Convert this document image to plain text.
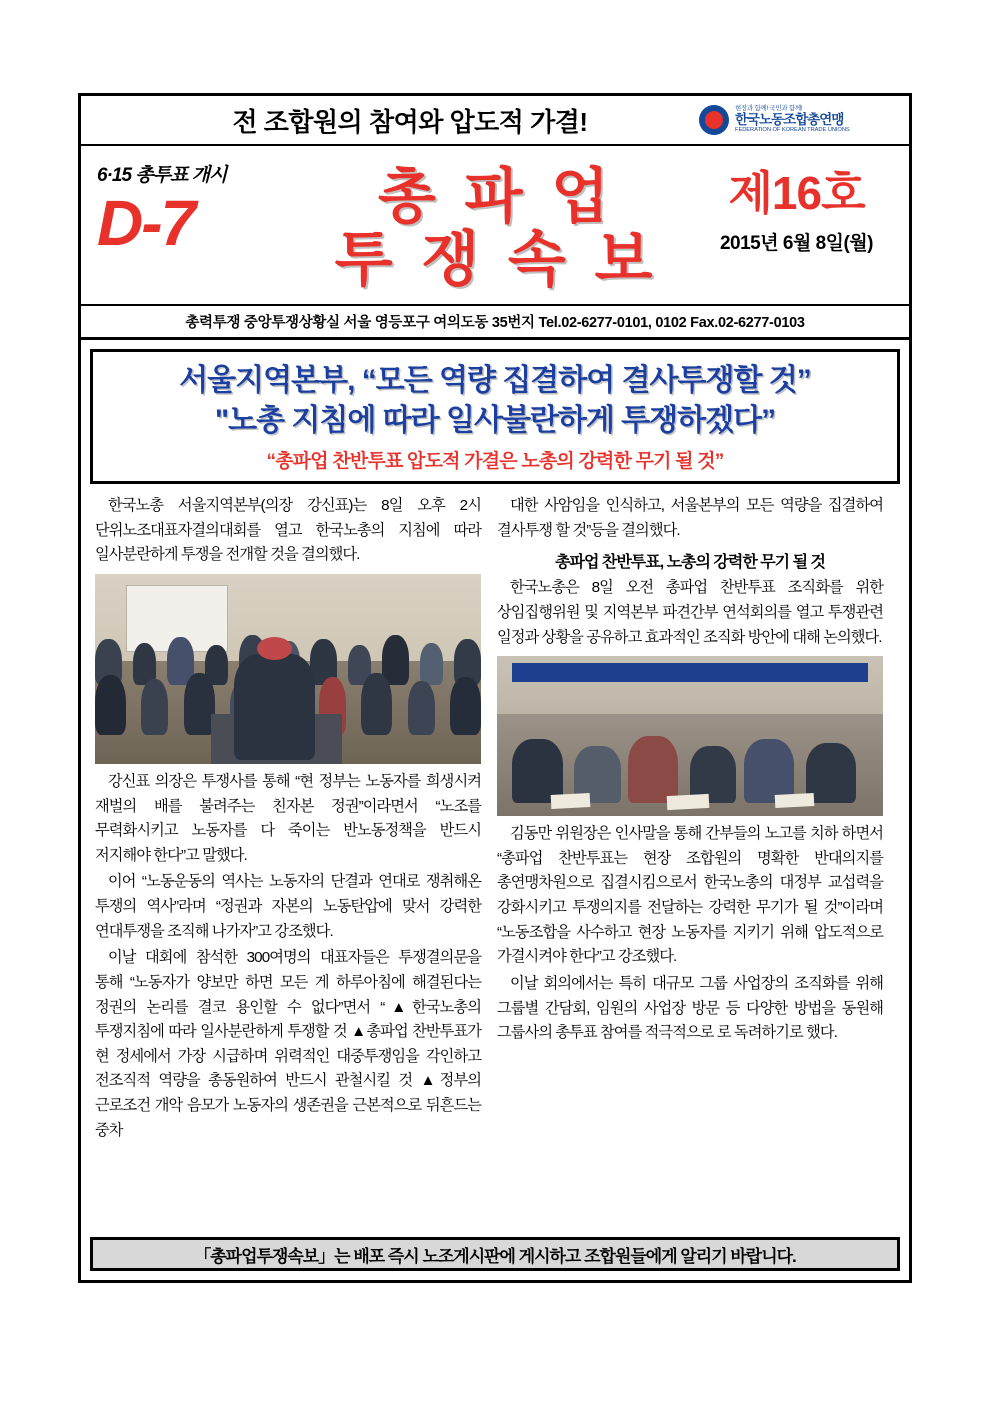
전 조합원의 참여와 압도적 가결!	현장과 함께! 국민과 함께!
한국노동조합총연맹
FEDERATION OF KOREAN TRADE UNIONS
6·15 총투표 개시
D-7	총 파 업
투 쟁 속 보
제16호
2015년 6월 8일(월)
총력투쟁 중앙투쟁상황실 서울 영등포구 여의도동 35번지 Tel.02-6277-0101, 0102 Fax.02-6277-0103
서울지역본부, “모든 역량 집결하여 결사투쟁할 것”
"노총 지침에 따라 일사불란하게 투쟁하겠다”
“총파업 찬반투표 압도적 가결은 노총의 강력한 무기 될 것”

한국노총 서울지역본부(의장 강신표)는 8일 오후 2시 단위노조대표자결의대회를 열고 한국노총의 지침에 따라 일사분란하게 투쟁을 전개할 것을 결의했다.

강신표 의장은 투쟁사를 통해 “현 정부는 노동자를 희생시켜 재벌의 배를 불려주는 친자본 정권”이라면서 “노조를 무력화시키고 노동자를 다 죽이는 반노동정책을 반드시 저지해야 한다”고 말했다.

이어 “노동운동의 역사는 노동자의 단결과 연대로 쟁취해온 투쟁의 역사”라며 “정권과 자본의 노동탄압에 맞서 강력한 연대투쟁을 조직해 나가자”고 강조했다.

이날 대회에 참석한 300여명의 대표자들은 투쟁결의문을 통해 “노동자가 양보만 하면 모든 게 하루아침에 해결된다는 정권의 논리를 결코 용인할 수 없다”면서 “▲한국노총의 투쟁지침에 따라 일사분란하게 투쟁할 것 ▲총파업 찬반투표가 현 정세에서 가장 시급하며 위력적인 대중투쟁임을 각인하고 전조직적 역량을 총동원하여 반드시 관철시킬 것 ▲정부의 근로조건 개악 음모가 노동자의 생존권을 근본적으로 뒤흔드는 중차

대한 사암임을 인식하고, 서울본부의 모든 역량을 집결하여 결사투쟁 할 것”등을 결의했다.

총파업 찬반투표, 노총의 강력한 무기 될 것

한국노총은 8일 오전 총파업 찬반투표 조직화를 위한 상임집행위원 및 지역본부 파견간부 연석회의를 열고 투쟁관련 일정과 상황을 공유하고 효과적인 조직화 방안에 대해 논의했다.

김동만 위원장은 인사말을 통해 간부들의 노고를 치하 하면서 “총파업 찬반투표는 현장 조합원의 명확한 반대의지를 총연맹차원으로 집결시킴으로서 한국노총의 대정부 교섭력을 강화시키고 투쟁의지를 전달하는 강력한 무기가 될 것”이라며 “노동조합을 사수하고 현장 노동자를 지키기 위해 압도적으로 가결시켜야 한다”고 강조했다.

이날 회의에서는 특히 대규모 그룹 사업장의 조직화를 위해 그룹별 간담회, 임원의 사업장 방문 등 다양한 방법을 동원해 그룹사의 총투표 참여를 적극적으로 로 독려하기로 했다.

「총파업투쟁속보」는 배포 즉시 노조게시판에 게시하고 조합원들에게 알리기 바랍니다.
